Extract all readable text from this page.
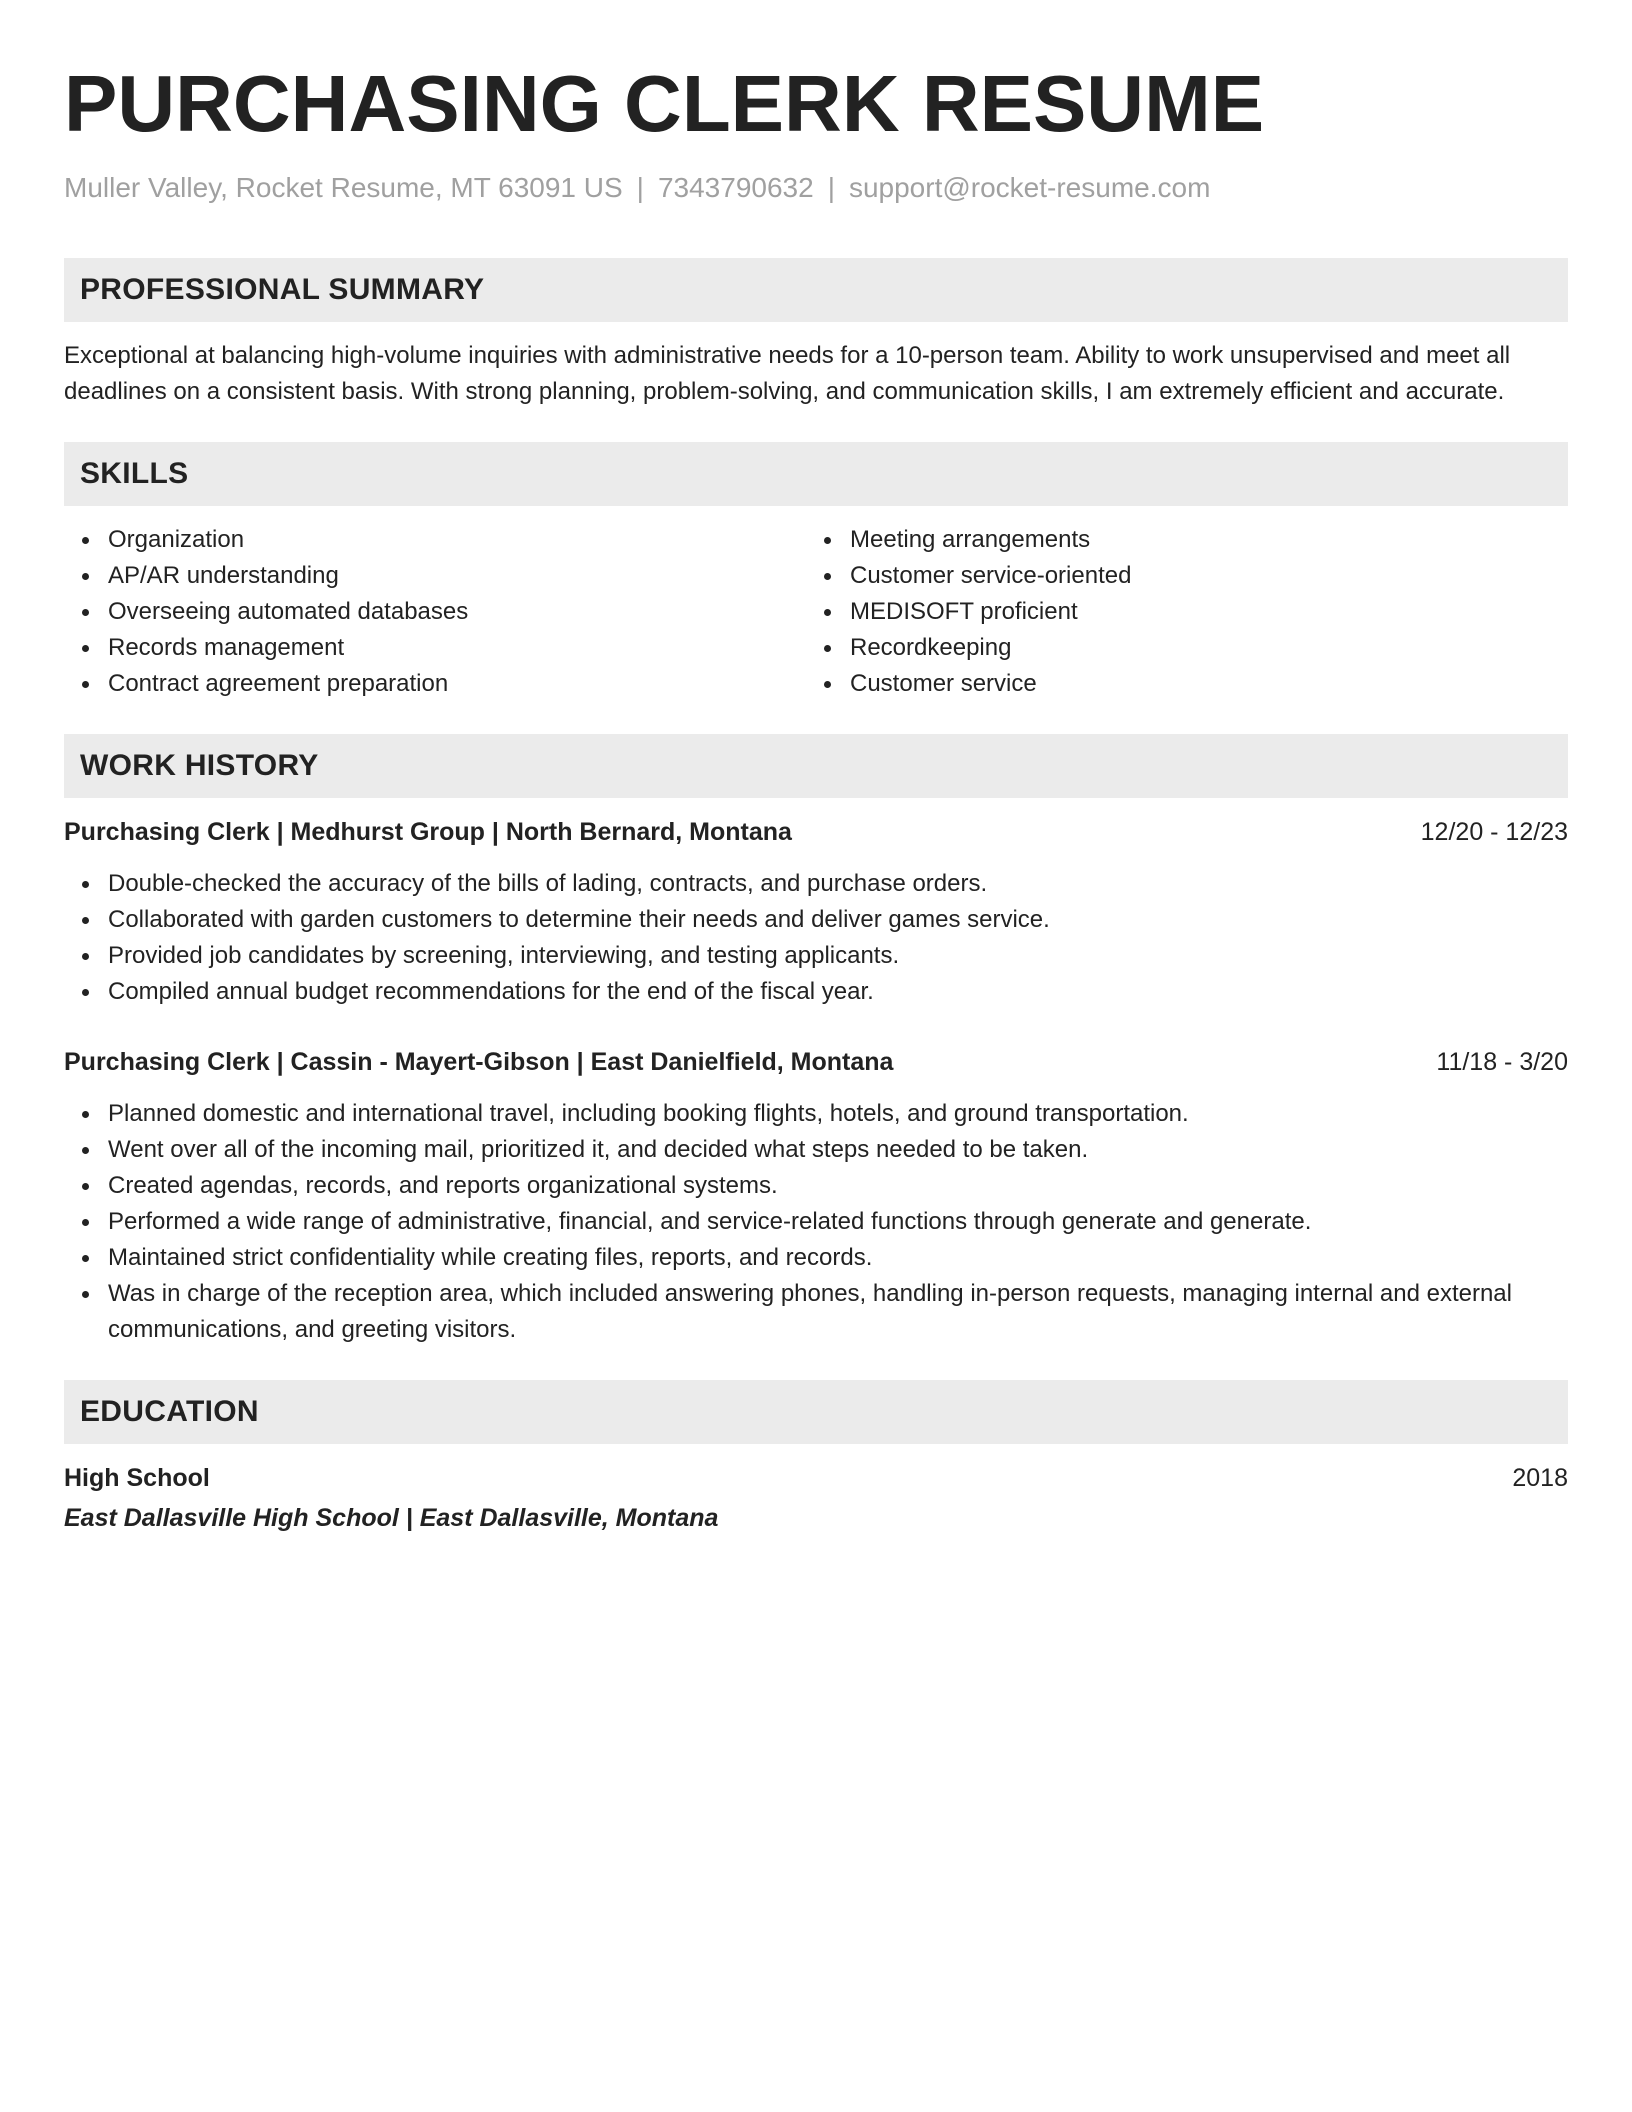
PURCHASING CLERK RESUME
Muller Valley, Rocket Resume, MT 63091 US | 7343790632 | support@rocket-resume.com
PROFESSIONAL SUMMARY
Exceptional at balancing high-volume inquiries with administrative needs for a 10-person team. Ability to work unsupervised and meet all deadlines on a consistent basis. With strong planning, problem-solving, and communication skills, I am extremely efficient and accurate.
SKILLS
Organization
AP/AR understanding
Overseeing automated databases
Records management
Contract agreement preparation
Meeting arrangements
Customer service-oriented
MEDISOFT proficient
Recordkeeping
Customer service
WORK HISTORY
Purchasing Clerk | Medhurst Group | North Bernard, Montana	12/20 - 12/23
Double-checked the accuracy of the bills of lading, contracts, and purchase orders.
Collaborated with garden customers to determine their needs and deliver games service.
Provided job candidates by screening, interviewing, and testing applicants.
Compiled annual budget recommendations for the end of the fiscal year.
Purchasing Clerk | Cassin - Mayert-Gibson | East Danielfield, Montana	11/18 - 3/20
Planned domestic and international travel, including booking flights, hotels, and ground transportation.
Went over all of the incoming mail, prioritized it, and decided what steps needed to be taken.
Created agendas, records, and reports organizational systems.
Performed a wide range of administrative, financial, and service-related functions through generate and generate.
Maintained strict confidentiality while creating files, reports, and records.
Was in charge of the reception area, which included answering phones, handling in-person requests, managing internal and external communications, and greeting visitors.
EDUCATION
High School	2018
East Dallasville High School | East Dallasville, Montana
